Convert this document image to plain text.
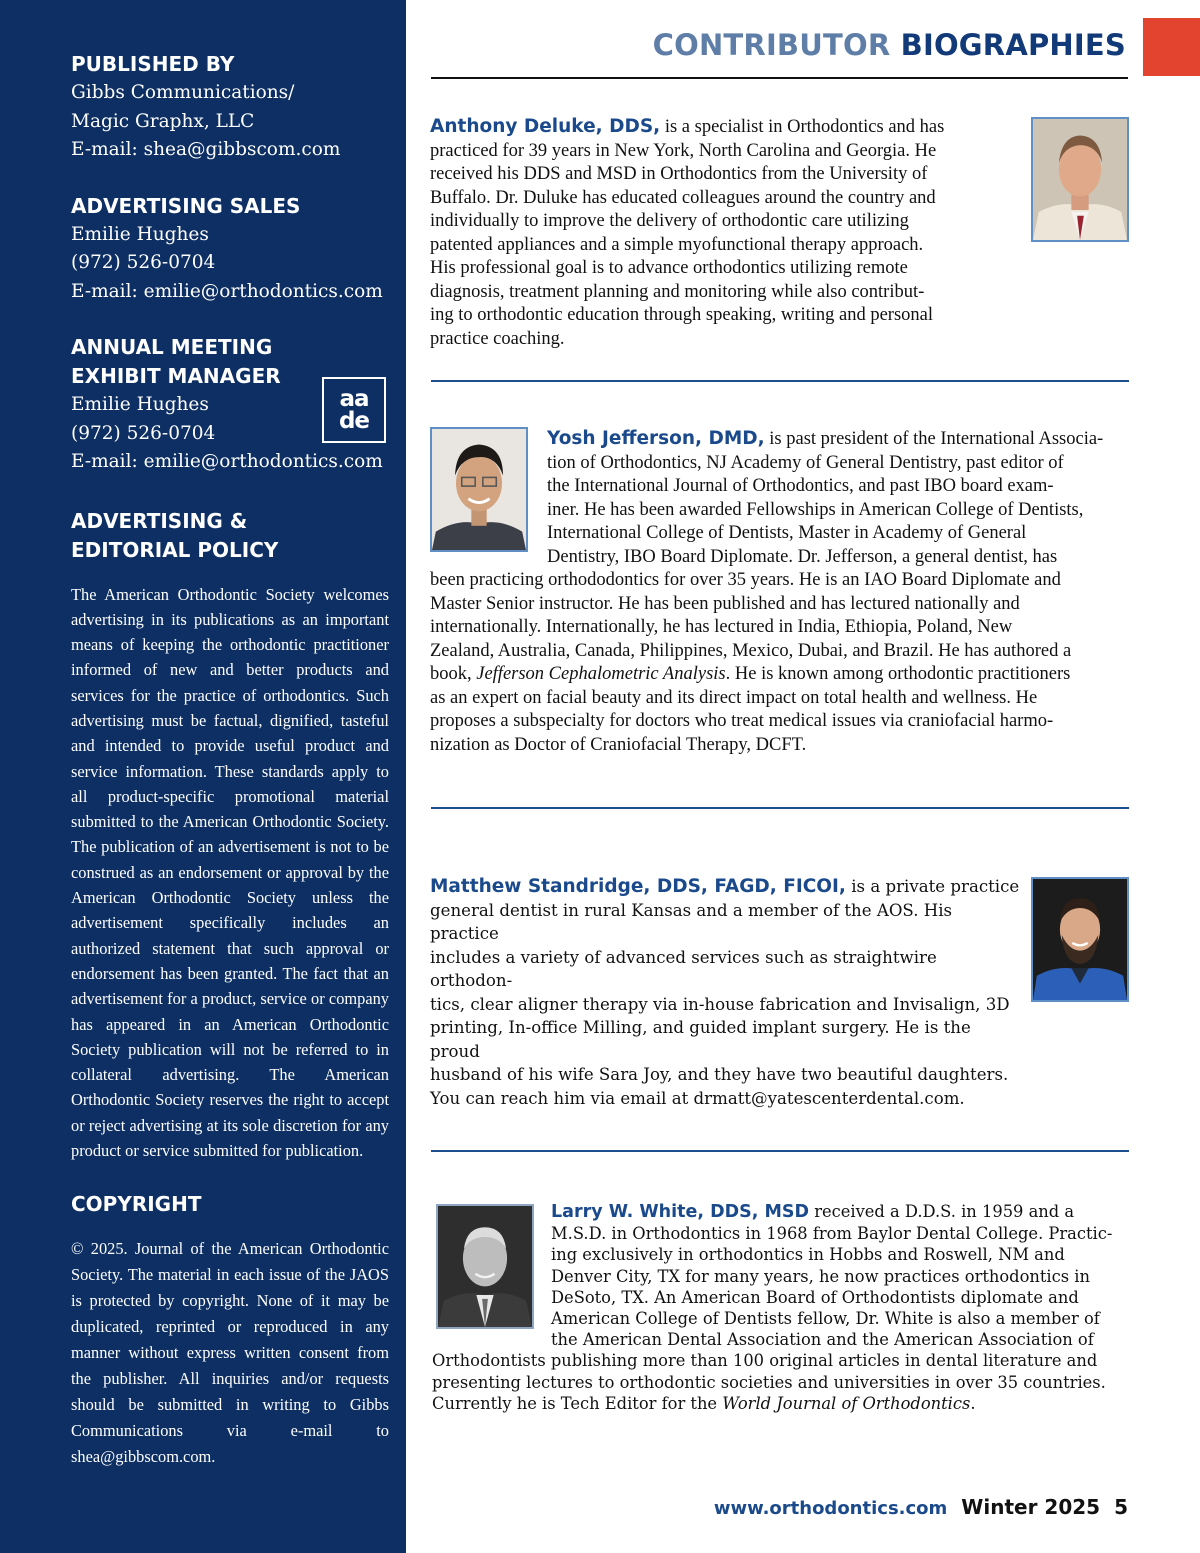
PUBLISHED BY

Gibbs Communications/

Magic Graphx, LLC

E-mail: shea@gibbscom.com

ADVERTISING SALES

Emilie Hughes

(972) 526-0704

E-mail: emilie@orthodontics.com

ANNUAL MEETING

EXHIBIT MANAGER

Emilie Hughes

(972) 526-0704

E-mail: emilie@orthodontics.com

ADVERTISING &

EDITORIAL POLICY

The American Orthodontic Society welcomes advertising in its publications as an important means of keeping the orthodontic practitioner informed of new and better products and services for the practice of orthodontics. Such advertising must be factual, dignified, tasteful and intended to provide useful product and service information. These standards apply to all product-specific promotional material submitted to the American Orthodontic Society. The publication of an advertisement is not to be construed as an endorsement or approval by the American Orthodontic Society unless the advertisement specifically includes an authorized statement that such approval or endorsement has been granted. The fact that an advertisement for a product, service or company has appeared in an American Orthodontic Society publication will not be referred to in collateral advertising. The American Orthodontic Society reserves the right to accept or reject advertising at its sole discretion for any product or service submitted for publication.

COPYRIGHT

© 2025. Journal of the American Orthodontic Society. The material in each issue of the JAOS is protected by copyright. None of it may be duplicated, reprinted or reproduced in any manner without express written consent from the publisher. All inquiries and/or requests should be submitted in writing to Gibbs Communications via e-mail to shea@gibbscom.com.

aa
de
CONTRIBUTOR BIOGRAPHIES
Anthony Deluke, DDS, is a specialist in Orthodontics and has
practiced for 39 years in New York, North Carolina and Georgia. He
received his DDS and MSD in Orthodontics from the University of
Buffalo. Dr. Duluke has educated colleagues around the country and
individually to improve the delivery of orthodontic care utilizing
patented appliances and a simple myofunctional therapy approach.
His professional goal is to advance orthodontics utilizing remote
diagnosis, treatment planning and monitoring while also contribut-
ing to orthodontic education through speaking, writing and personal
practice coaching.
Yosh Jefferson, DMD, is past president of the International Associa-
tion of Orthodontics, NJ Academy of General Dentistry, past editor of
the International Journal of Orthodontics, and past IBO board exam-
iner. He has been awarded Fellowships in American College of Dentists,
International College of Dentists, Master in Academy of General
Dentistry, IBO Board Diplomate. Dr. Jefferson, a general dentist, has
been practicing orthododontics for over 35 years. He is an IAO Board Diplomate and
Master Senior instructor. He has been published and has lectured nationally and
internationally. Internationally, he has lectured in India, Ethiopia, Poland, New
Zealand, Australia, Canada, Philippines, Mexico, Dubai, and Brazil. He has authored a
book, Jefferson Cephalometric Analysis. He is known among orthodontic practitioners
as an expert on facial beauty and its direct impact on total health and wellness. He
proposes a subspecialty for doctors who treat medical issues via craniofacial harmo-
nization as Doctor of Craniofacial Therapy, DCFT.
Matthew Standridge, DDS, FAGD, FICOI, is a private practice
general dentist in rural Kansas and a member of the AOS. His practice
includes a variety of advanced services such as straightwire orthodon-
tics, clear aligner therapy via in-house fabrication and Invisalign, 3D
printing, In-office Milling, and guided implant surgery. He is the proud
husband of his wife Sara Joy, and they have two beautiful daughters.
You can reach him via email at drmatt@yatescenterdental.com.
Larry W. White, DDS, MSD received a D.D.S. in 1959 and a
M.S.D. in Orthodontics in 1968 from Baylor Dental College. Practic-
ing exclusively in orthodontics in Hobbs and Roswell, NM and
Denver City, TX for many years, he now practices orthodontics in
DeSoto, TX. An American Board of Orthodontists diplomate and
American College of Dentists fellow, Dr. White is also a member of
the American Dental Association and the American Association of
Orthodontists publishing more than 100 original articles in dental literature and
presenting lectures to orthodontic societies and universities in over 35 countries.
Currently he is Tech Editor for the World Journal of Orthodontics.
www.orthodontics.com Winter 2025 5
